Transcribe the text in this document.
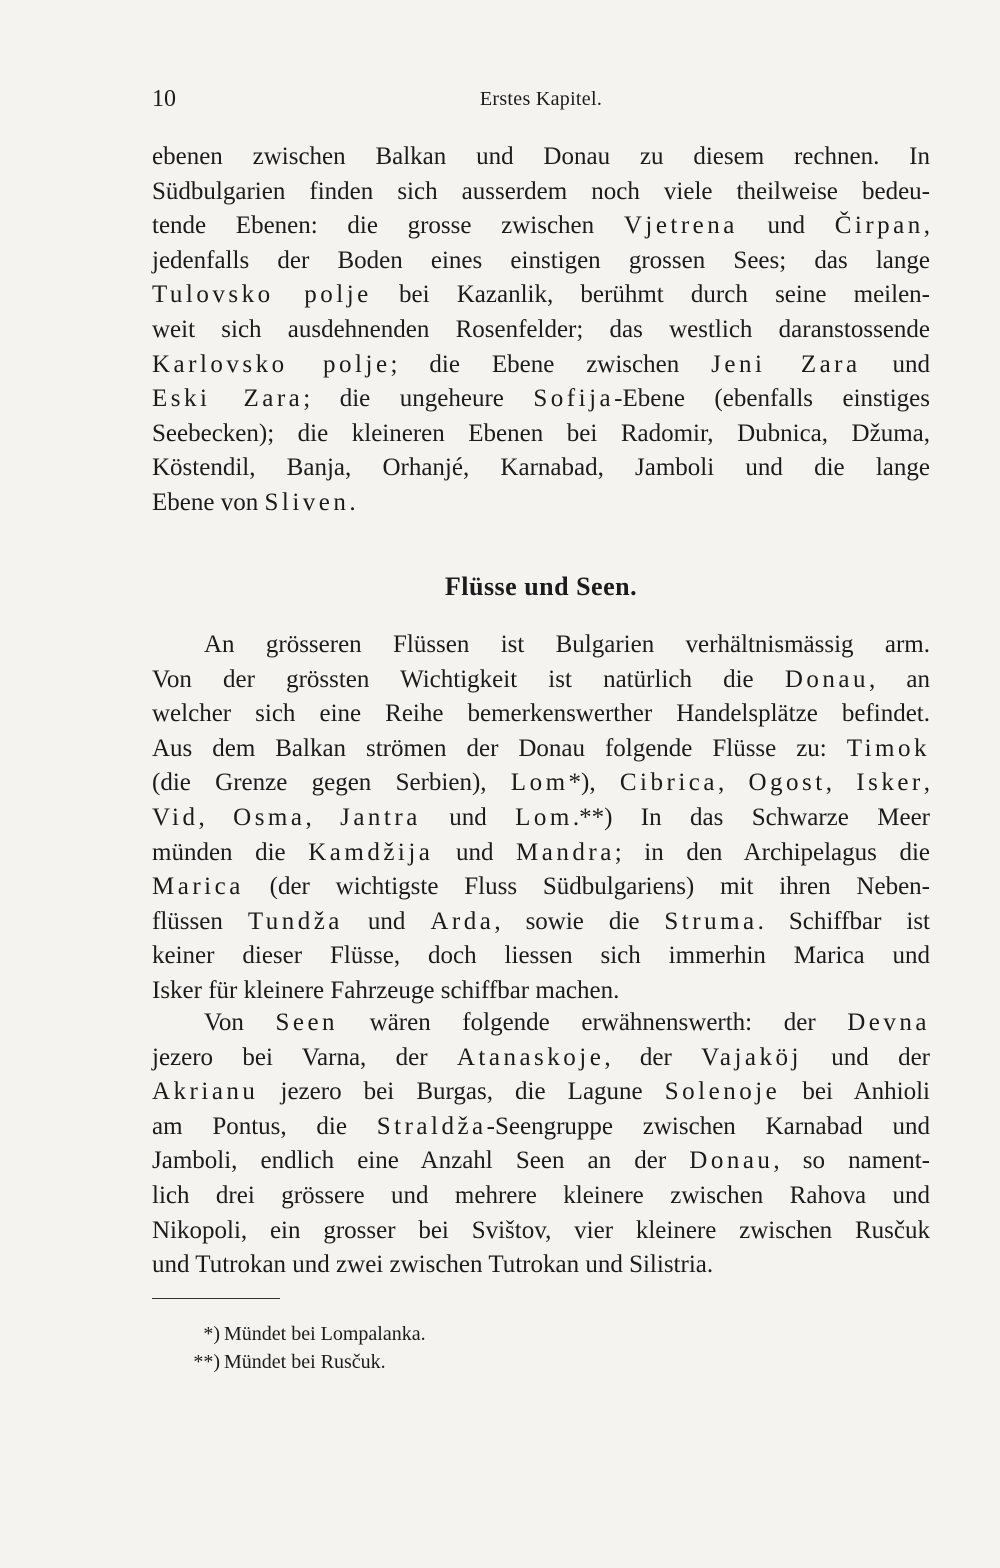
10	Erstes Kapitel.
ebenen zwischen Balkan und Donau zu diesem rechnen. In
Südbulgarien finden sich ausserdem noch viele theilweise bedeu-
tende Ebenen: die grosse zwischen Vjetrena und Čirpan,
jedenfalls der Boden eines einstigen grossen Sees; das lange
Tulovsko polje bei Kazanlik, berühmt durch seine meilen-
weit sich ausdehnenden Rosenfelder; das westlich daranstossende
Karlovsko polje; die Ebene zwischen Jeni Zara und
Eski Zara; die ungeheure Sofija-Ebene (ebenfalls einstiges
Seebecken); die kleineren Ebenen bei Radomir, Dubnica, Džuma,
Köstendil, Banja, Orhanjé, Karnabad, Jamboli und die lange
Ebene von Sliven.
Flüsse und Seen.
An grösseren Flüssen ist Bulgarien verhältnismässig arm.
Von der grössten Wichtigkeit ist natürlich die Donau, an
welcher sich eine Reihe bemerkenswerther Handelsplätze befindet.
Aus dem Balkan strömen der Donau folgende Flüsse zu: Timok
(die Grenze gegen Serbien), Lom*), Cibrica, Ogost, Isker,
Vid, Osma, Jantra und Lom.**) In das Schwarze Meer
münden die Kamdžija und Mandra; in den Archipelagus die
Marica (der wichtigste Fluss Südbulgariens) mit ihren Neben-
flüssen Tundža und Arda, sowie die Struma. Schiffbar ist
keiner dieser Flüsse, doch liessen sich immerhin Marica und
Isker für kleinere Fahrzeuge schiffbar machen.
Von Seen wären folgende erwähnenswerth: der Devna
jezero bei Varna, der Atanaskoje, der Vajaköj und der
Akrianu jezero bei Burgas, die Lagune Solenoje bei Anhioli
am Pontus, die Straldža-Seengruppe zwischen Karnabad und
Jamboli, endlich eine Anzahl Seen an der Donau, so nament-
lich drei grössere und mehrere kleinere zwischen Rahova und
Nikopoli, ein grosser bei Svištov, vier kleinere zwischen Rusčuk
und Tutrokan und zwei zwischen Tutrokan und Silistria.
*) Mündet bei Lompalanka.
**) Mündet bei Rusčuk.
